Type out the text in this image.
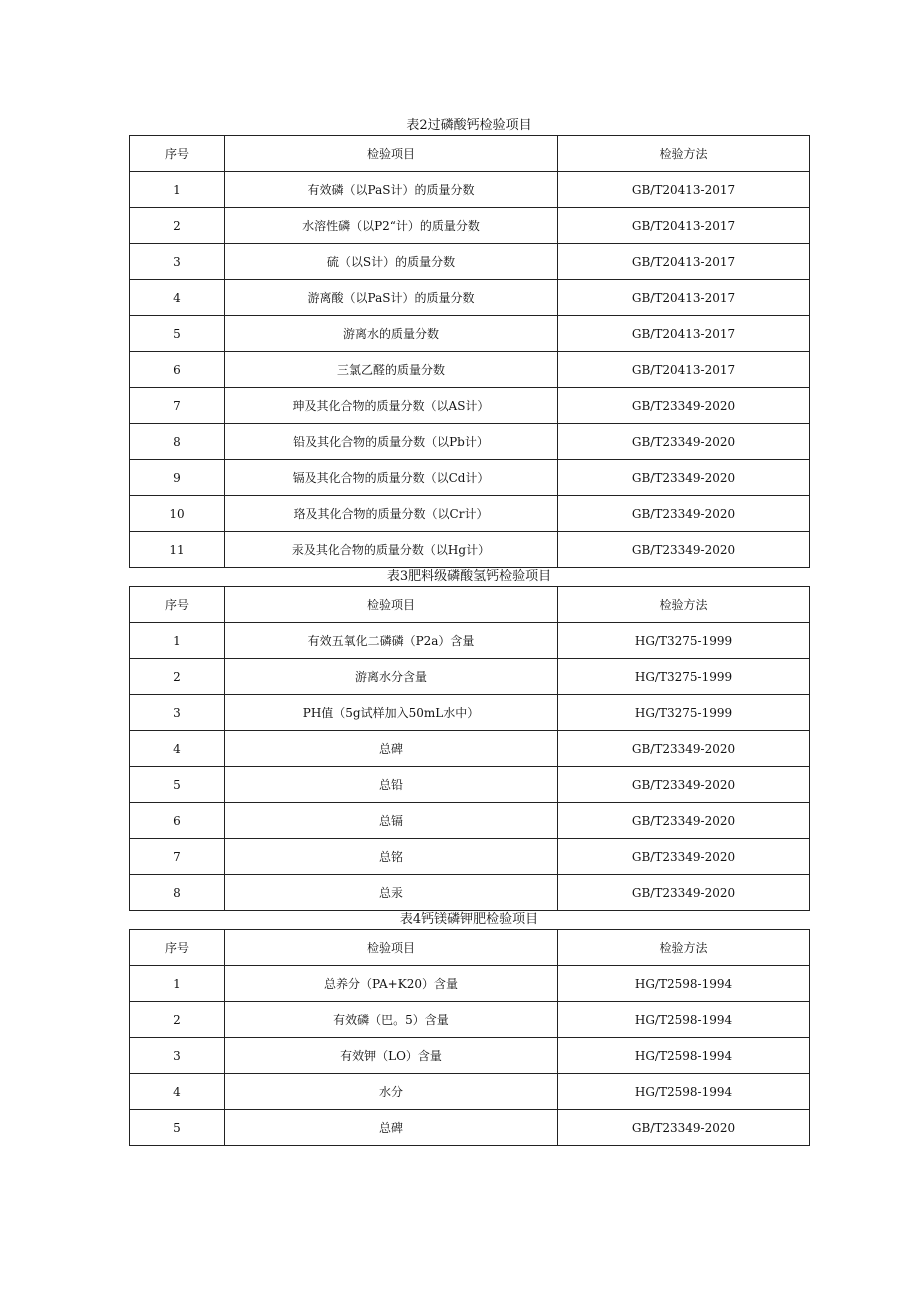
表2过磷酸钙检验项目
序号	检验项目	检验方法
1	有效磷（以PaS计）的质量分数	GB/T20413-2017
2	水溶性磷（以P2“计）的质量分数	GB/T20413-2017
3	硫（以S计）的质量分数	GB/T20413-2017
4	游离酸（以PaS计）的质量分数	GB/T20413-2017
5	游离水的质量分数	GB/T20413-2017
6	三氯乙醛的质量分数	GB/T20413-2017
7	珅及其化合物的质量分数（以AS计）	GB/T23349-2020
8	铅及其化合物的质量分数（以Pb计）	GB/T23349-2020
9	镉及其化合物的质量分数（以Cd计）	GB/T23349-2020
10	珞及其化合物的质量分数（以Cr计）	GB/T23349-2020
11	汞及其化合物的质量分数（以Hg计）	GB/T23349-2020
表3肥料级磷酸氢钙检验项目
序号	检验项目	检验方法
1	有效五氧化二磷磷（P2a）含量	HG/T3275-1999
2	游离水分含量	HG/T3275-1999
3	PH值（5g试样加入50mL水中）	HG/T3275-1999
4	总碑	GB/T23349-2020
5	总铅	GB/T23349-2020
6	总镉	GB/T23349-2020
7	总铭	GB/T23349-2020
8	总汞	GB/T23349-2020
表4钙镁磷钾肥检验项目
序号	检验项目	检验方法
1	总养分（PA+K20）含量	HG/T2598-1994
2	有效磷（巴。5）含量	HG/T2598-1994
3	有效钾（LO）含量	HG/T2598-1994
4	水分	HG/T2598-1994
5	总碑	GB/T23349-2020
